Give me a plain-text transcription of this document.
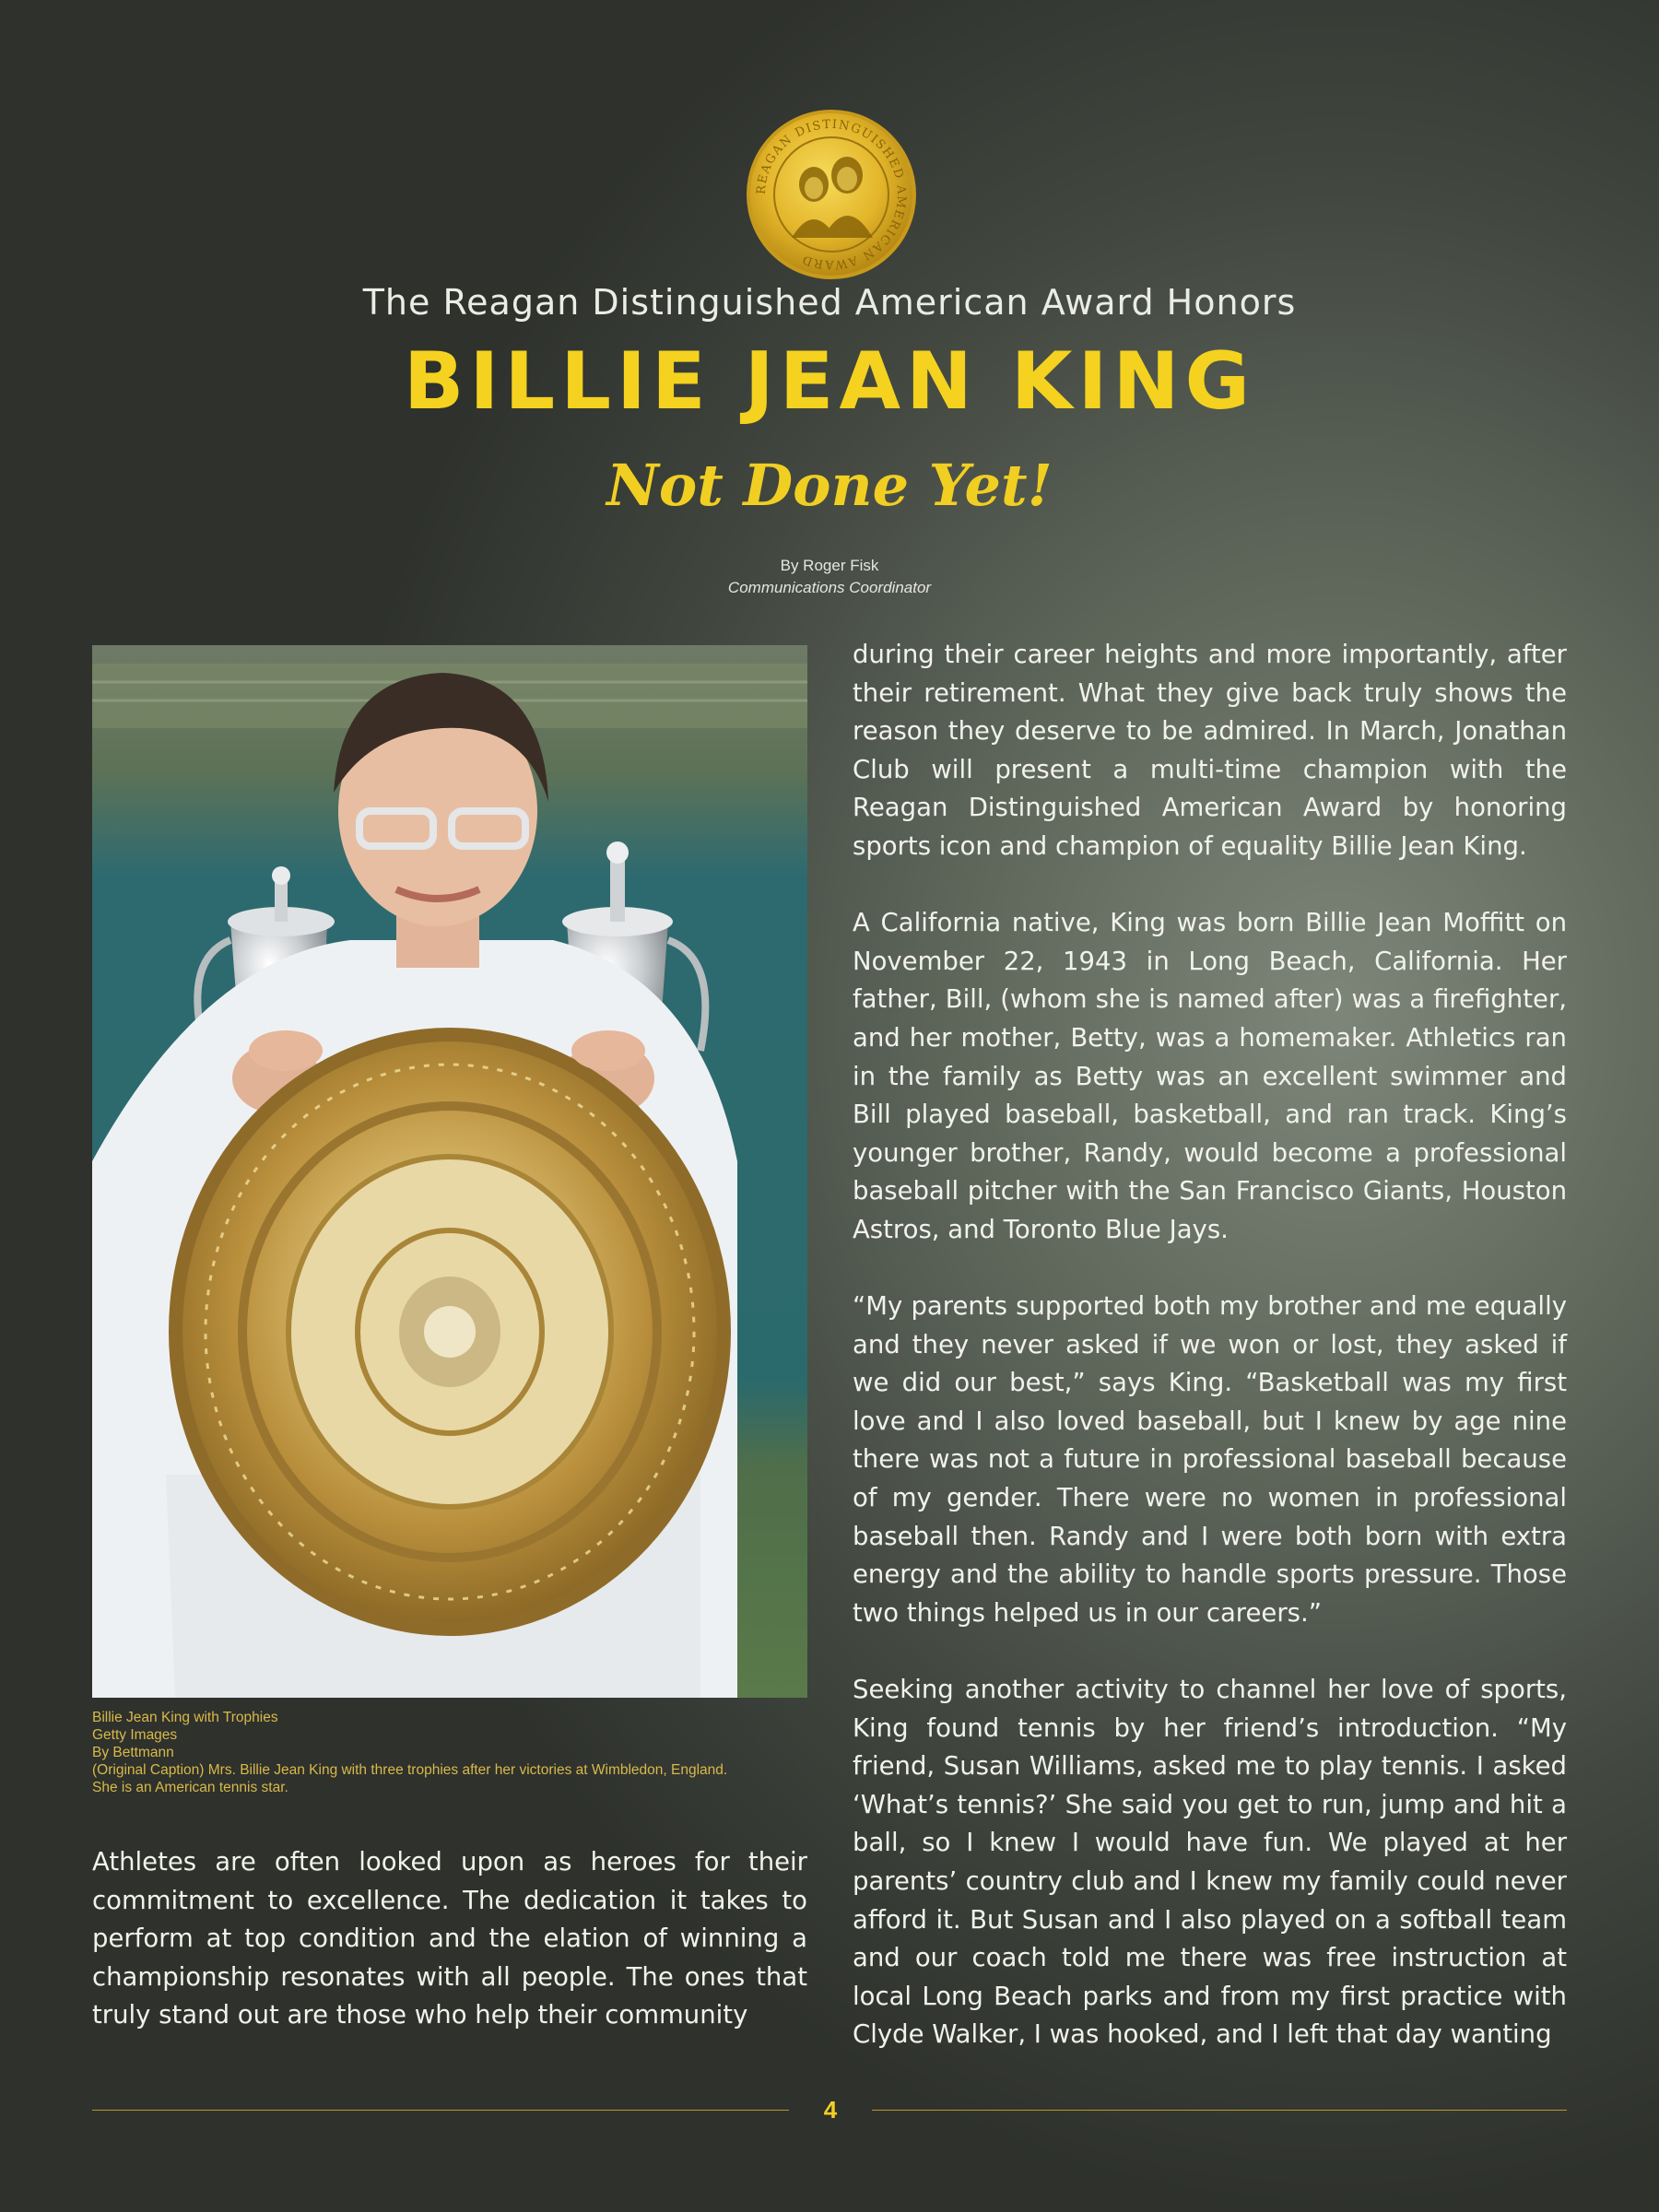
REAGAN DISTINGUISHED AMERICAN AWARD
The Reagan Distinguished American Award Honors
BILLIE JEAN KING
Not Done Yet!
By Roger Fisk
Communications Coordinator
Billie Jean King with Trophies
Getty Images
By Bettmann
(Original Caption) Mrs. Billie Jean King with three trophies after her victories at Wimbledon, England.
She is an American tennis star.

Athletes are often looked upon as heroes for their commitment to excellence. The dedication it takes to perform at top condition and the elation of winning a championship resonates with all people. The ones that truly stand out are those who help their community

during their career heights and more importantly, after their retirement. What they give back truly shows the reason they deserve to be admired. In March, Jonathan Club will present a multi-time champion with the Reagan Distinguished American Award by honoring sports icon and champion of equality Billie Jean King.

A California native, King was born Billie Jean Moffitt on November 22, 1943 in Long Beach, California. Her father, Bill, (whom she is named after) was a firefighter, and her mother, Betty, was a homemaker. Athletics ran in the family as Betty was an excellent swimmer and Bill played baseball, basketball, and ran track. King’s younger brother, Randy, would become a professional baseball pitcher with the San Francisco Giants, Houston Astros, and Toronto Blue Jays.

“My parents supported both my brother and me equally and they never asked if we won or lost, they asked if we did our best,” says King. “Basketball was my first love and I also loved baseball, but I knew by age nine there was not a future in professional baseball because of my gender. There were no women in professional baseball then. Randy and I were both born with extra energy and the ability to handle sports pressure. Those two things helped us in our careers.”

Seeking another activity to channel her love of sports, King found tennis by her friend’s introduction. “My friend, Susan Williams, asked me to play tennis. I asked ‘What’s tennis?’ She said you get to run, jump and hit a ball, so I knew I would have fun. We played at her parents’ country club and I knew my family could never afford it. But Susan and I also played on a softball team and our coach told me there was free instruction at local Long Beach parks and from my first practice with Clyde Walker, I was hooked, and I left that day wanting

4
